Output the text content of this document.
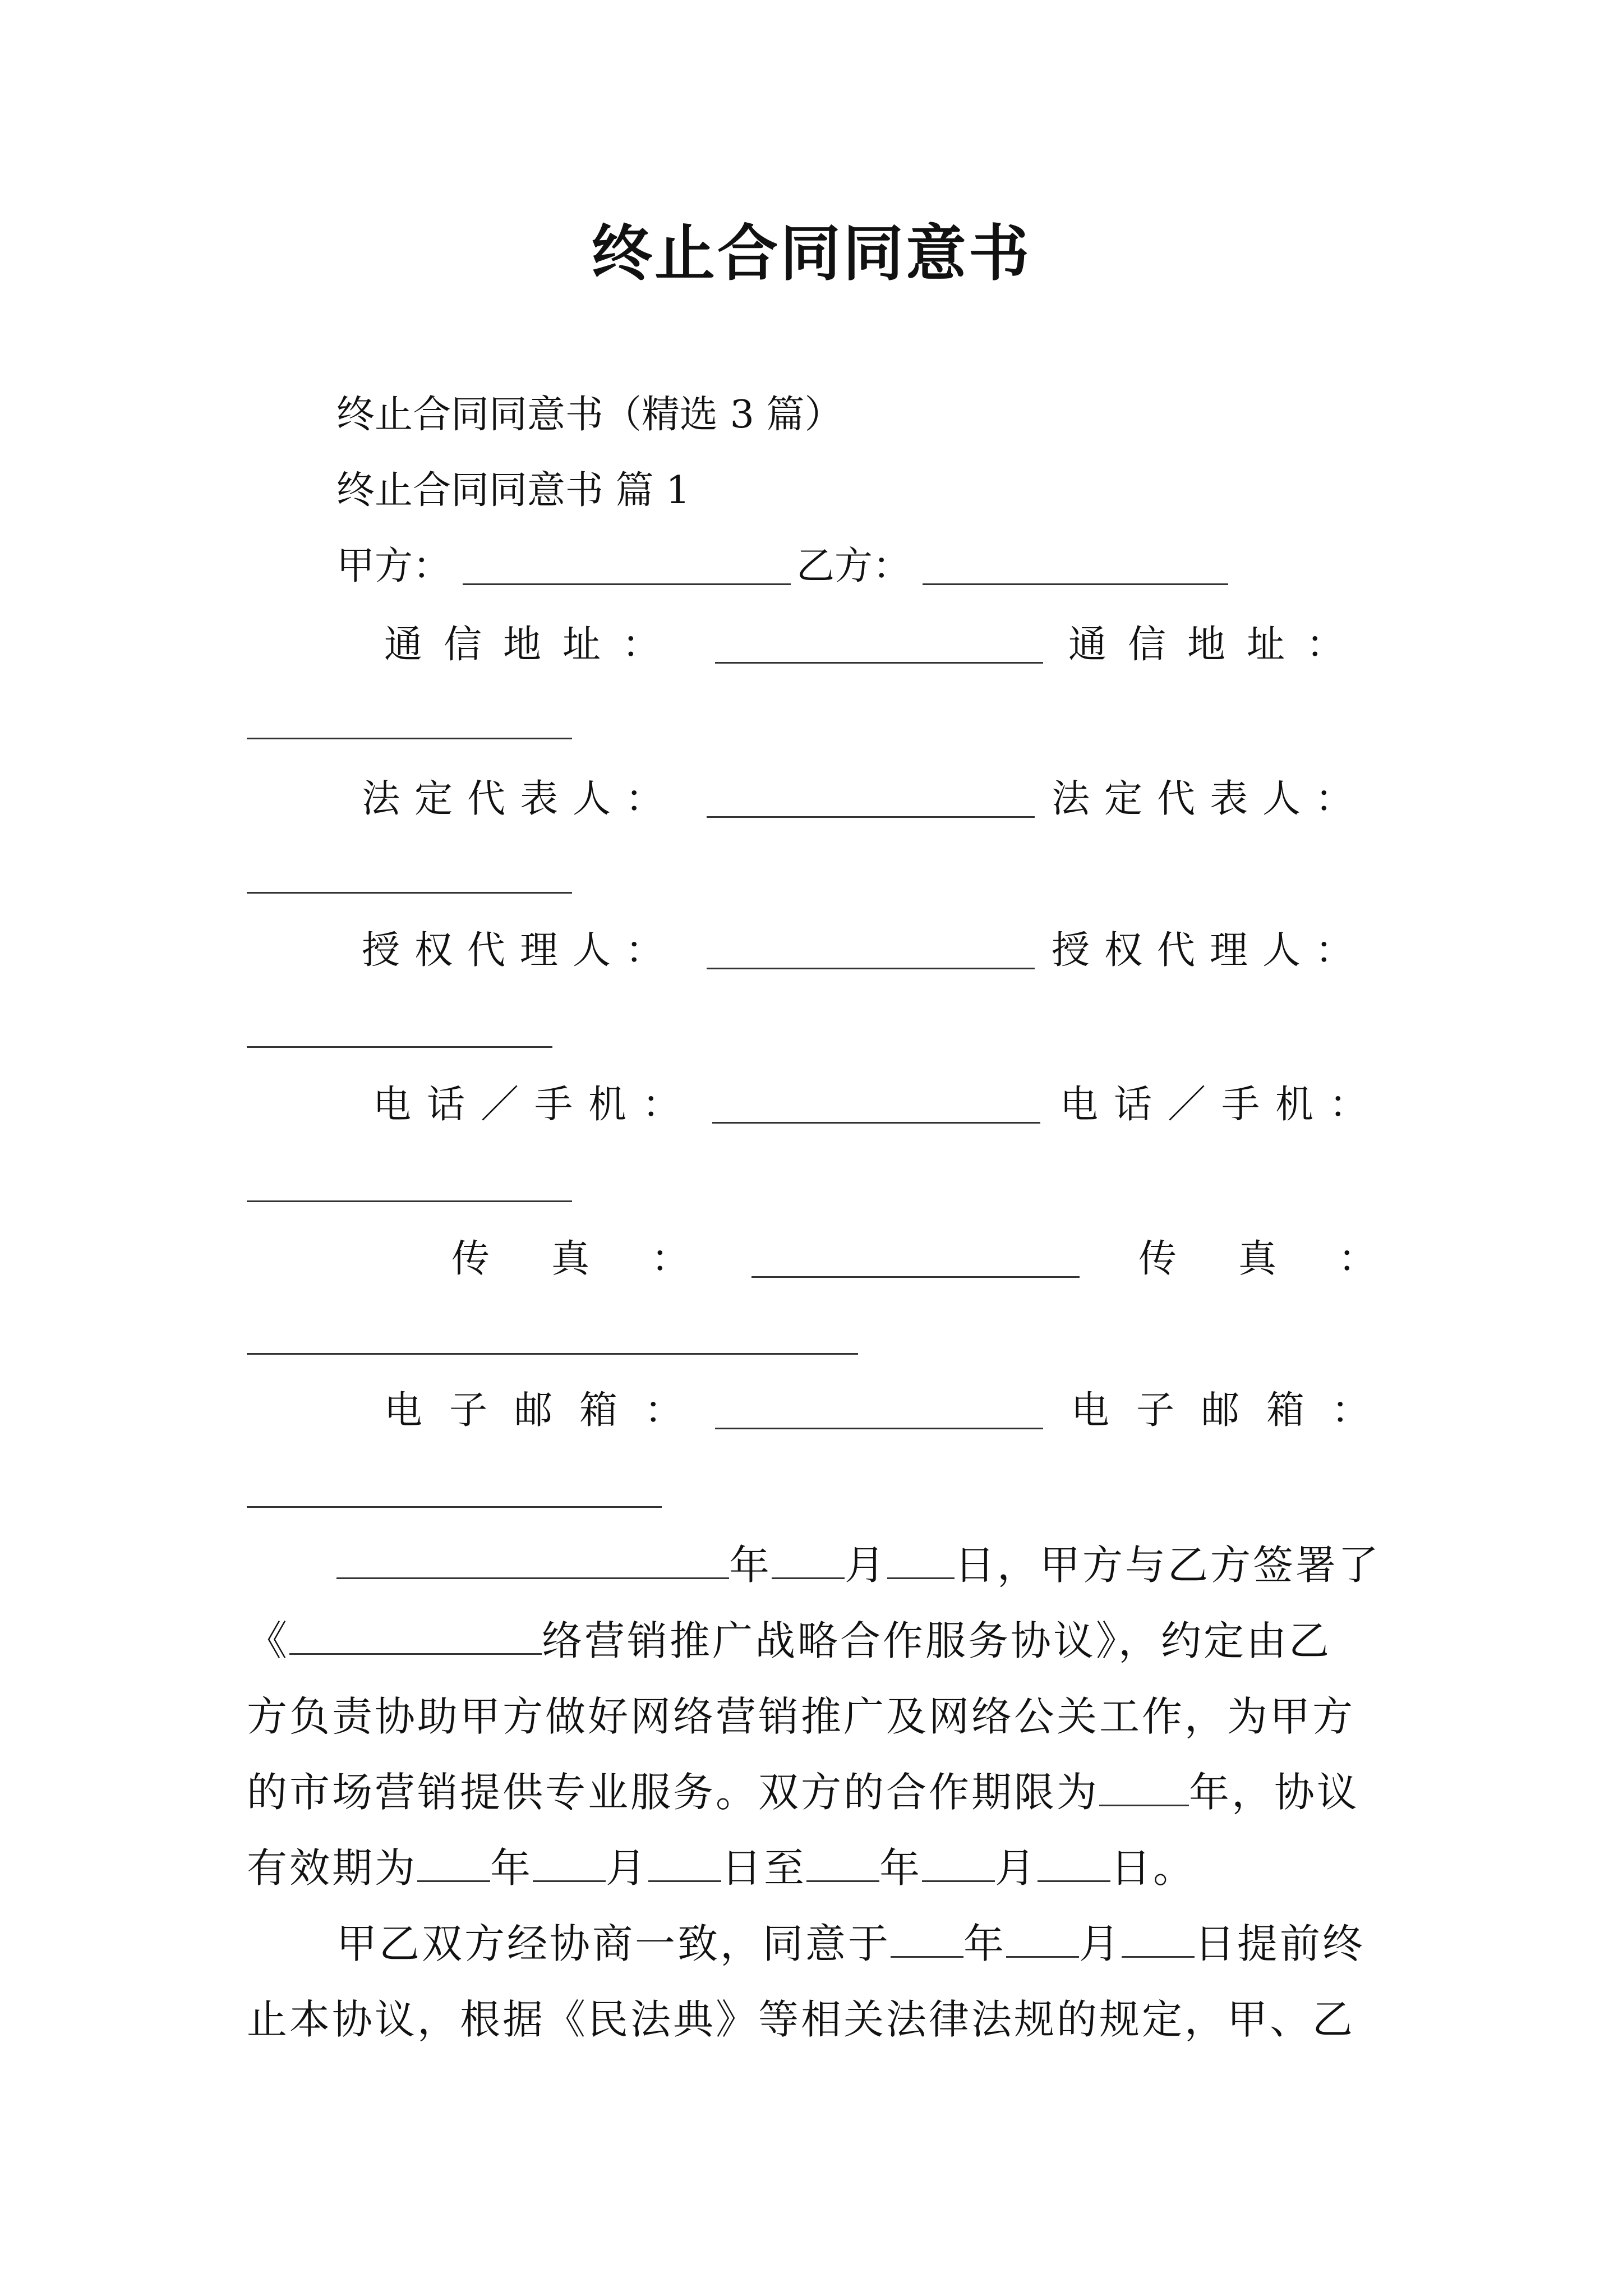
终止合同同意书
终止合同同意书（精选 3 篇）
终止合同同意书 篇 1
甲方：	乙方：
通信地址：	通信地址：
法定代表人：	法定代表人：
授权代理人：	授权代理人：
电话／手机：	电话／手机：
传真：	传真：
电子邮箱：	电子邮箱：
年 月 日，甲方与乙方签署了
《	络营销推广战略合作服务协议》，约定由乙
方负责协助甲方做好网络营销推广及网络公关工作，为甲方
的市场营销提供专业服务。双方的合作期限为 年，协议
有效期为 年 月 日至 年 月 日。
甲乙双方经协商一致，同意于 年 月 日提前终
止本协议，根据《民法典》等相关法律法规的规定，甲、乙
